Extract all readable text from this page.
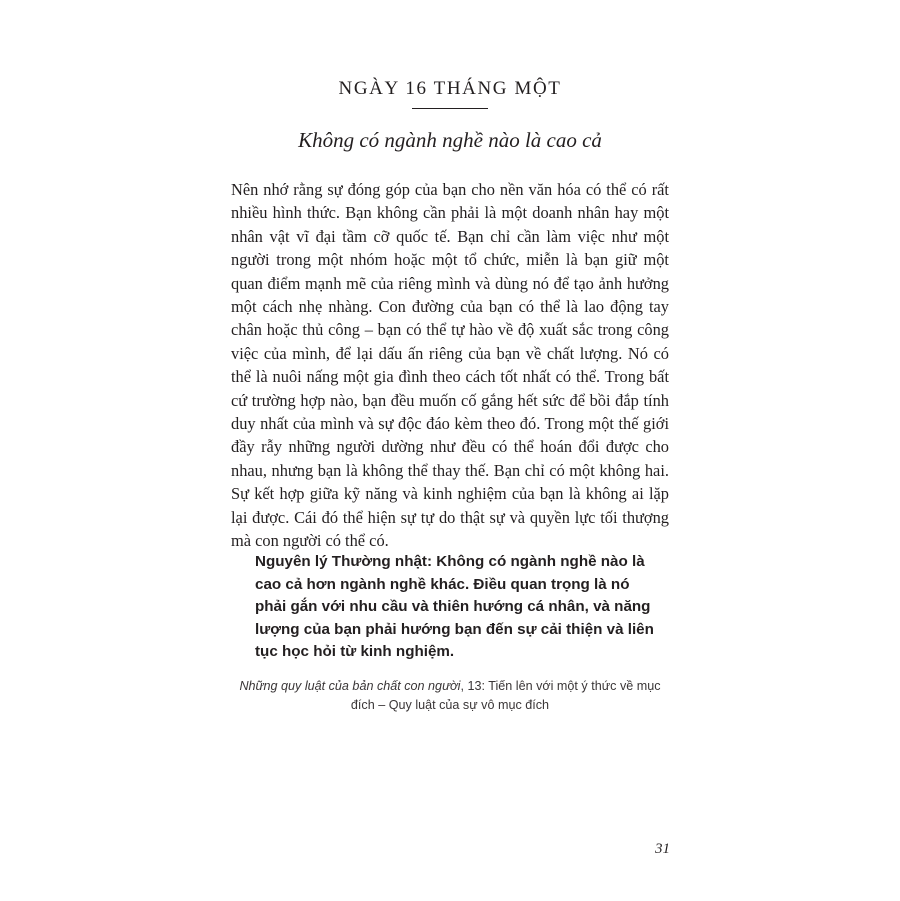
NGÀY 16 THÁNG MỘT
Không có ngành nghề nào là cao cả

Nên nhớ rằng sự đóng góp của bạn cho nền văn hóa có thể có rất nhiều hình thức. Bạn không cần phải là một doanh nhân hay một nhân vật vĩ đại tầm cỡ quốc tế. Bạn chỉ cần làm việc như một người trong một nhóm hoặc một tổ chức, miễn là bạn giữ một quan điểm mạnh mẽ của riêng mình và dùng nó để tạo ảnh hưởng một cách nhẹ nhàng. Con đường của bạn có thể là lao động tay chân hoặc thủ công – bạn có thể tự hào về độ xuất sắc trong công việc của mình, để lại dấu ấn riêng của bạn về chất lượng. Nó có thể là nuôi nấng một gia đình theo cách tốt nhất có thể. Trong bất cứ trường hợp nào, bạn đều muốn cố gắng hết sức để bồi đắp tính duy nhất của mình và sự độc đáo kèm theo đó. Trong một thế giới đầy rẫy những người dường như đều có thể hoán đổi được cho nhau, nhưng bạn là không thể thay thế. Bạn chỉ có một không hai. Sự kết hợp giữa kỹ năng và kinh nghiệm của bạn là không ai lặp lại được. Cái đó thể hiện sự tự do thật sự và quyền lực tối thượng mà con người có thể có.

Nguyên lý Thường nhật: Không có ngành nghề nào là cao cả hơn ngành nghề khác. Điều quan trọng là nó phải gắn với nhu cầu và thiên hướng cá nhân, và năng lượng của bạn phải hướng bạn đến sự cải thiện và liên tục học hỏi từ kinh nghiệm.

Những quy luật của bản chất con người, 13: Tiến lên với một ý thức về mục đích – Quy luật của sự vô mục đích

31
